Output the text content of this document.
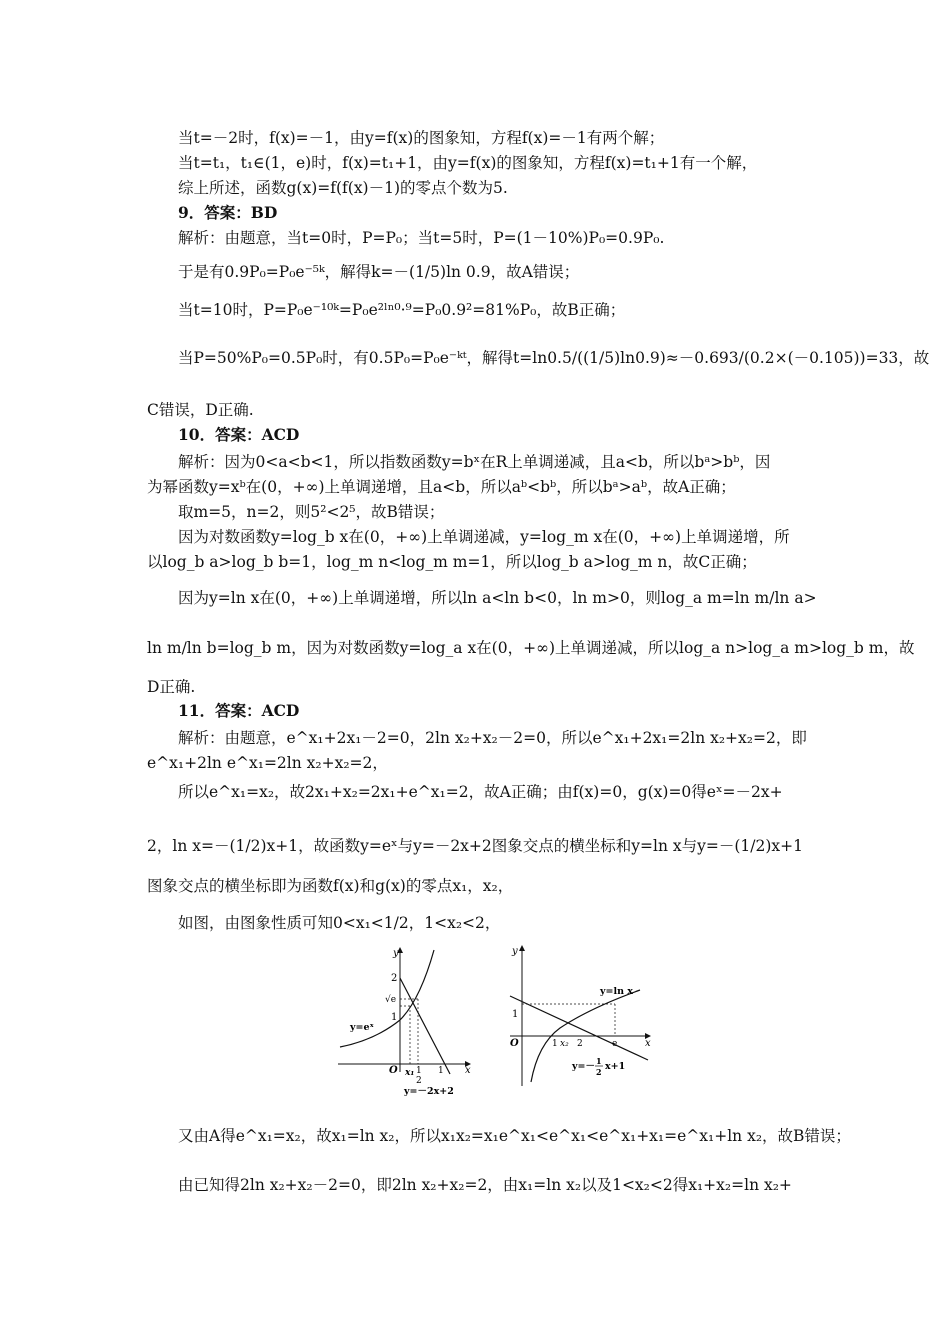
当t=－2时，f(x)=－1，由y=f(x)的图象知，方程f(x)=－1有两个解；
当t=t₁，t₁∈(1，e)时，f(x)=t₁+1，由y=f(x)的图象知，方程f(x)=t₁+1有一个解，
综上所述，函数g(x)=f(f(x)－1)的零点个数为5.
9．答案：BD
解析：由题意，当t=0时，P=P₀；当t=5时，P=(1－10%)P₀=0.9P₀.
于是有0.9P₀=P₀e⁻⁵ᵏ，解得k=－(1/5)ln 0.9，故A错误；
当t=10时，P=P₀e⁻¹⁰ᵏ=P₀e²ˡⁿ⁰·⁹=P₀0.9²=81%P₀，故B正确；
当P=50%P₀=0.5P₀时，有0.5P₀=P₀e⁻ᵏᵗ，解得t=ln0.5/((1/5)ln0.9)≈－0.693/(0.2×(－0.105))=33，故
C错误，D正确.
10．答案：ACD
解析：因为0<a<b<1，所以指数函数y=bˣ在R上单调递减，且a<b，所以bᵃ>bᵇ，因
为幂函数y=xᵇ在(0，+∞)上单调递增，且a<b，所以aᵇ<bᵇ，所以bᵃ>aᵇ，故A正确；
取m=5，n=2，则5²<2⁵，故B错误；
因为对数函数y=log_b x在(0，+∞)上单调递减，y=log_m x在(0，+∞)上单调递增，所
以log_b a>log_b b=1，log_m n<log_m m=1，所以log_b a>log_m n，故C正确；
因为y=ln x在(0，+∞)上单调递增，所以ln a<ln b<0，ln m>0，则log_a m=ln m/ln a>
ln m/ln b=log_b m，因为对数函数y=log_a x在(0，+∞)上单调递减，所以log_a n>log_a m>log_b m，故
D正确.
11．答案：ACD
解析：由题意，e^x₁+2x₁－2=0，2ln x₂+x₂－2=0，所以e^x₁+2x₁=2ln x₂+x₂=2，即
e^x₁+2ln e^x₁=2ln x₂+x₂=2，
所以e^x₁=x₂，故2x₁+x₂=2x₁+e^x₁=2，故A正确；由f(x)=0，g(x)=0得eˣ=－2x+
2，ln x=－(1/2)x+1，故函数y=eˣ与y=－2x+2图象交点的横坐标和y=ln x与y=－(1/2)x+1
图象交点的横坐标即为函数f(x)和g(x)的零点x₁，x₂，
如图，由图象性质可知0<x₁<1/2，1<x₂<2，
y
2
√e
1
y=eˣ
O x₁ 1
2
1 x
y=－2x+2
y
y=ln x
1
O	1 x₂ 2	e	x
y=－ 1
2 x+1
又由A得e^x₁=x₂，故x₁=ln x₂，所以x₁x₂=x₁e^x₁<e^x₁<e^x₁+x₁=e^x₁+ln x₂，故B错误；
由已知得2ln x₂+x₂－2=0，即2ln x₂+x₂=2，由x₁=ln x₂以及1<x₂<2得x₁+x₂=ln x₂+
